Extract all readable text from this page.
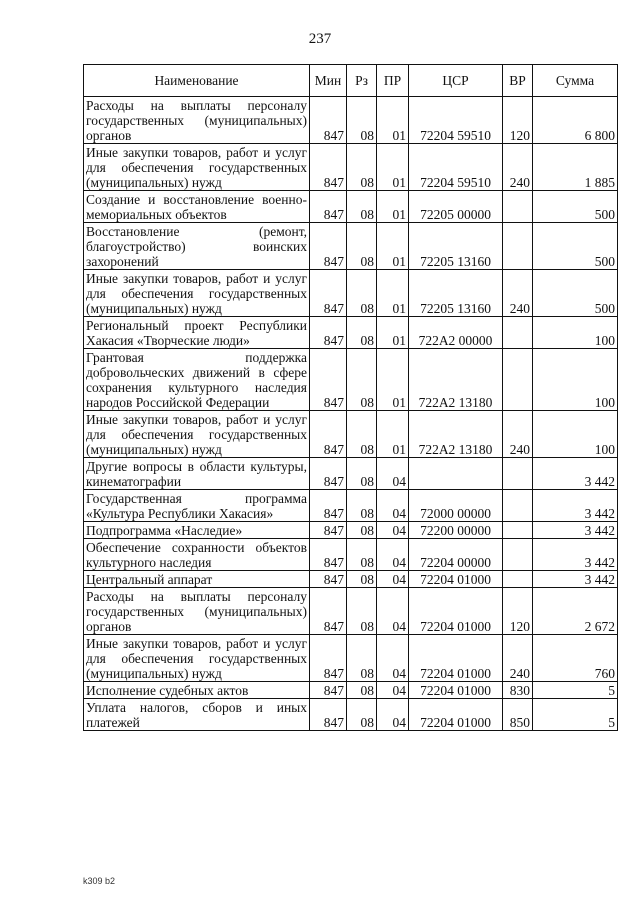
237
Наименование	Мин	Рз	ПР	ЦСР	ВР	Сумма
Расходы на выплаты персоналу государственных (муниципальных) органов	847	08	01	72204 59510	120	6 800
Иные закупки товаров, работ и услуг для обеспечения государственных (муниципальных) нужд	847	08	01	72204 59510	240	1 885
Создание и восстановление военно-мемориальных объектов	847	08	01	72205 00000		500
Восстановление (ремонт, благоустройство) воинских захоронений	847	08	01	72205 13160		500
Иные закупки товаров, работ и услуг для обеспечения государственных (муниципальных) нужд	847	08	01	72205 13160	240	500
Региональный проект Республики Хакасия «Творческие люди»	847	08	01	722А2 00000		100
Грантовая поддержка добровольческих движений в сфере сохранения культурного наследия народов Российской Федерации	847	08	01	722А2 13180		100
Иные закупки товаров, работ и услуг для обеспечения государственных (муниципальных) нужд	847	08	01	722А2 13180	240	100
Другие вопросы в области культуры, кинематографии	847	08	04			3 442
Государственная программа «Культура Республики Хакасия»	847	08	04	72000 00000		3 442
Подпрограмма «Наследие»	847	08	04	72200 00000		3 442
Обеспечение сохранности объектов культурного наследия	847	08	04	72204 00000		3 442
Центральный аппарат	847	08	04	72204 01000		3 442
Расходы на выплаты персоналу государственных (муниципальных) органов	847	08	04	72204 01000	120	2 672
Иные закупки товаров, работ и услуг для обеспечения государственных (муниципальных) нужд	847	08	04	72204 01000	240	760
Исполнение судебных актов	847	08	04	72204 01000	830	5
Уплата налогов, сборов и иных платежей	847	08	04	72204 01000	850	5
k309 b2
